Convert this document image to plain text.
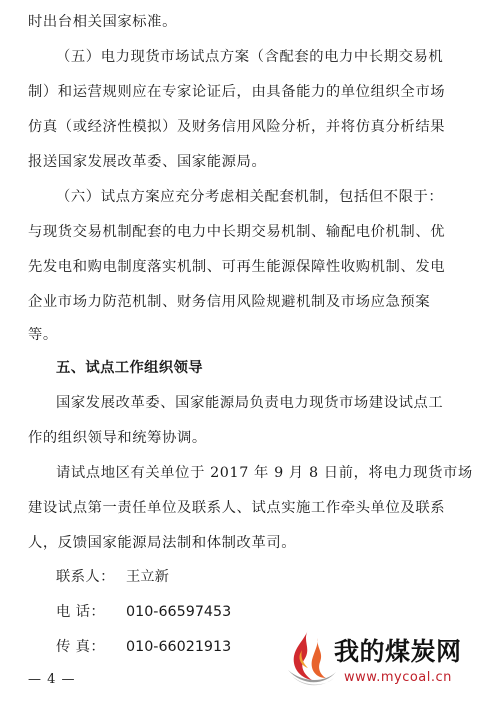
时出台相关国家标准。
（五）电力现货市场试点方案（含配套的电力中长期交易机
制）和运营规则应在专家论证后，由具备能力的单位组织全市场
仿真（或经济性模拟）及财务信用风险分析，并将仿真分析结果
报送国家发展改革委、国家能源局。
（六）试点方案应充分考虑相关配套机制，包括但不限于：
与现货交易机制配套的电力中长期交易机制、输配电价机制、优
先发电和购电制度落实机制、可再生能源保障性收购机制、发电
企业市场力防范机制、财务信用风险规避机制及市场应急预案
等。
五、试点工作组织领导
国家发展改革委、国家能源局负责电力现货市场建设试点工
作的组织领导和统筹协调。
请试点地区有关单位于 2017 年 9 月 8 日前，将电力现货市场
建设试点第一责任单位及联系人、试点实施工作牵头单位及联系
人，反馈国家能源局法制和体制改革司。
联系人： 王立新
电 话： 010-66597453
传 真： 010-66021913
— 4 —
我的煤炭网
www.mycoal.cn
